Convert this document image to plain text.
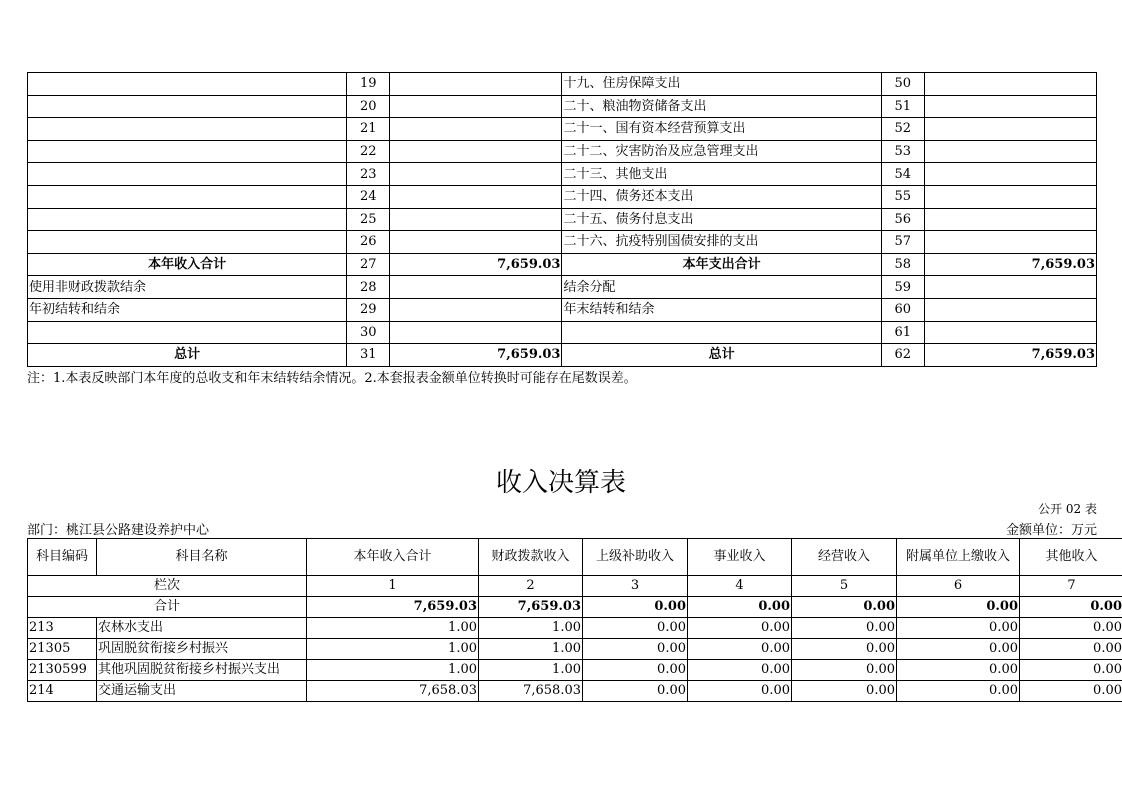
	19		十九、住房保障支出	50	
	20		二十、粮油物资储备支出	51	
	21		二十一、国有资本经营预算支出	52	
	22		二十二、灾害防治及应急管理支出	53	
	23		二十三、其他支出	54	
	24		二十四、债务还本支出	55	
	25		二十五、债务付息支出	56	
	26		二十六、抗疫特别国债安排的支出	57	
本年收入合计	27	7,659.03	本年支出合计	58	7,659.03
使用非财政拨款结余	28		结余分配	59	
年初结转和结余	29		年末结转和结余	60	
	30			61	
总计	31	7,659.03	总计	62	7,659.03
注：1.本表反映部门本年度的总收支和年末结转结余情况。2.本套报表金额单位转换时可能存在尾数误差。
收入决算表
公开 02 表
部门：桃江县公路建设养护中心	金额单位：万元
科目编码	科目名称	本年收入合计	财政拨款收入	上级补助收入	事业收入	经营收入	附属单位上缴收入	其他收入
栏次		1	2	3	4	5	6	7
合计		7,659.03	7,659.03	0.00	0.00	0.00	0.00	0.00
213	农林水支出	1.00	1.00	0.00	0.00	0.00	0.00	0.00
21305	巩固脱贫衔接乡村振兴	1.00	1.00	0.00	0.00	0.00	0.00	0.00
2130599	其他巩固脱贫衔接乡村振兴支出	1.00	1.00	0.00	0.00	0.00	0.00	0.00
214	交通运输支出	7,658.03	7,658.03	0.00	0.00	0.00	0.00	0.00
